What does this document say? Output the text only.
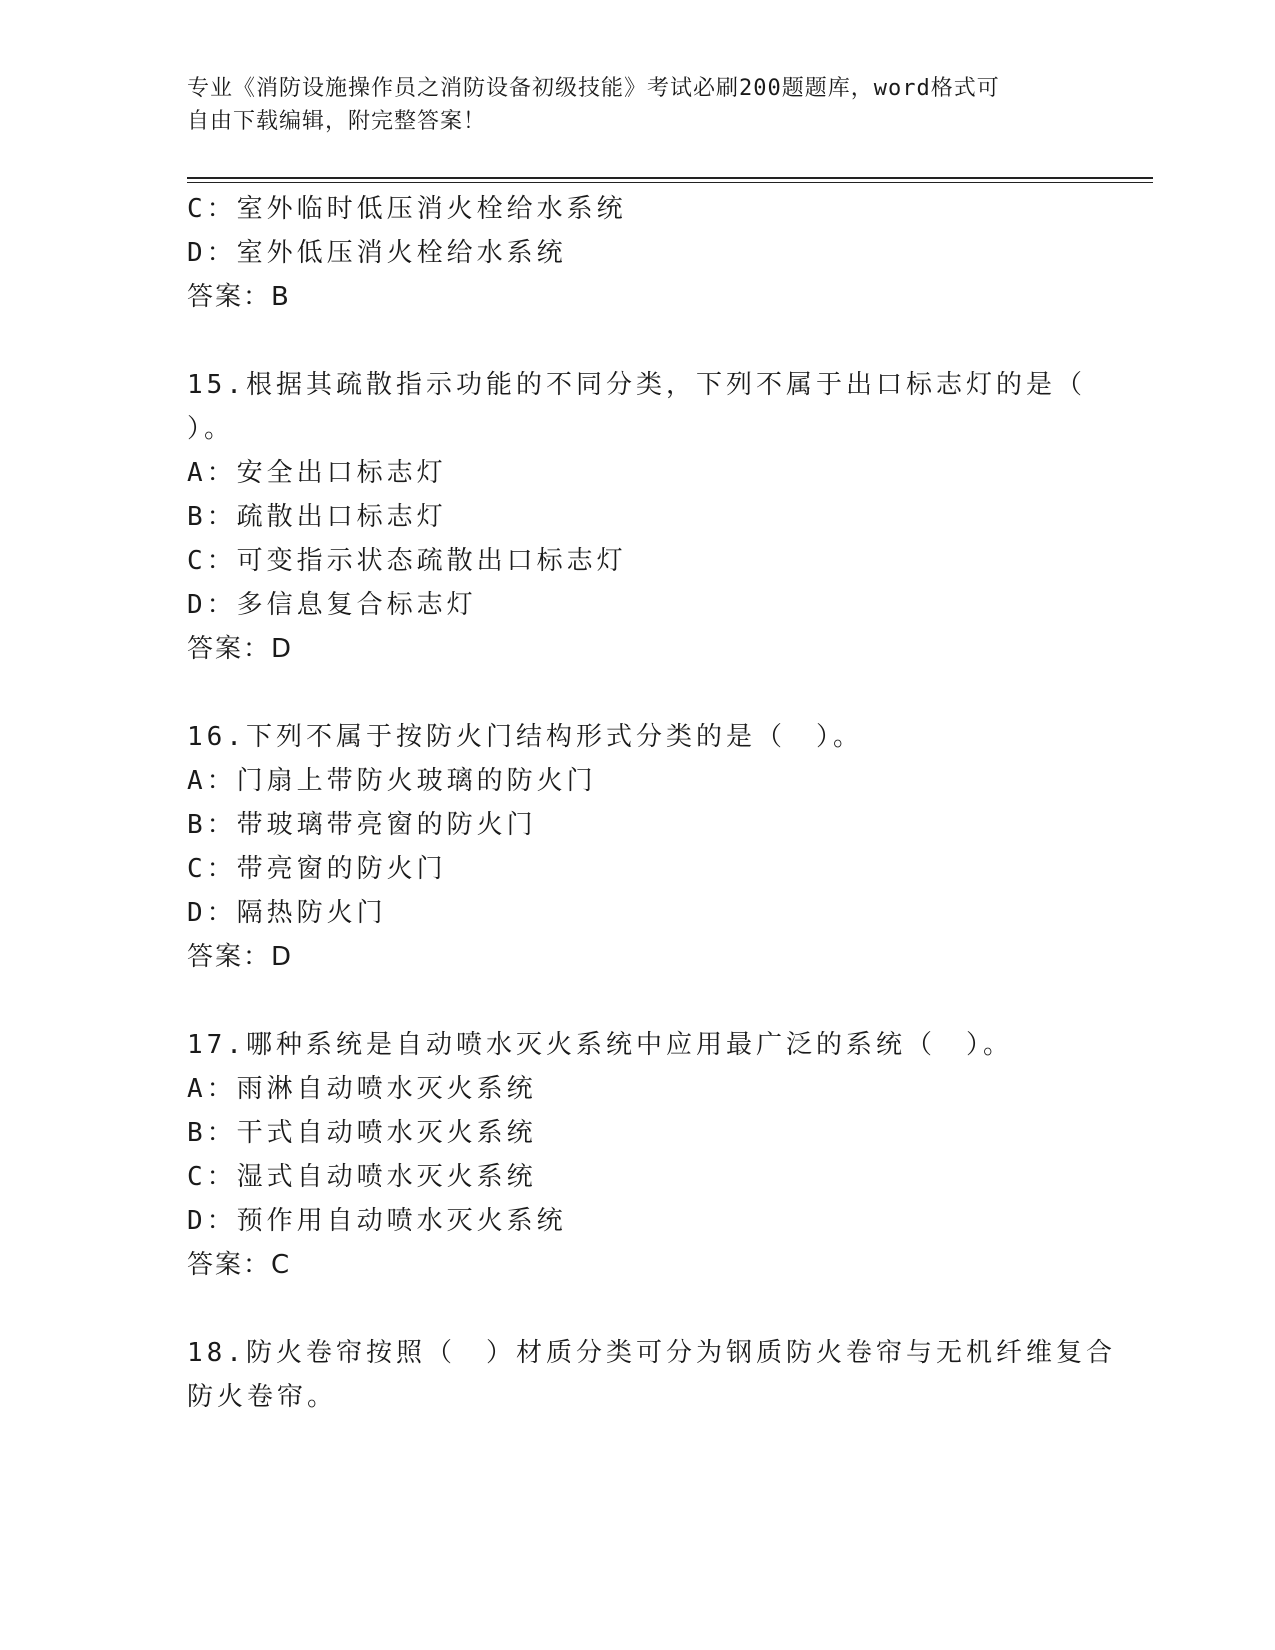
专业《消防设施操作员之消防设备初级技能》考试必刷200题题库，word格式可
自由下载编辑，附完整答案！
C：室外临时低压消火栓给水系统
D：室外低压消火栓给水系统
答案：B
15.根据其疏散指示功能的不同分类，下列不属于出口标志灯的是（
）。
A：安全出口标志灯
B：疏散出口标志灯
C：可变指示状态疏散出口标志灯
D：多信息复合标志灯
答案：D
16.下列不属于按防火门结构形式分类的是（　）。
A：门扇上带防火玻璃的防火门
B：带玻璃带亮窗的防火门
C：带亮窗的防火门
D：隔热防火门
答案：D
17.哪种系统是自动喷水灭火系统中应用最广泛的系统（　）。
A：雨淋自动喷水灭火系统
B：干式自动喷水灭火系统
C：湿式自动喷水灭火系统
D：预作用自动喷水灭火系统
答案：C
18.防火卷帘按照（　）材质分类可分为钢质防火卷帘与无机纤维复合
防火卷帘。
